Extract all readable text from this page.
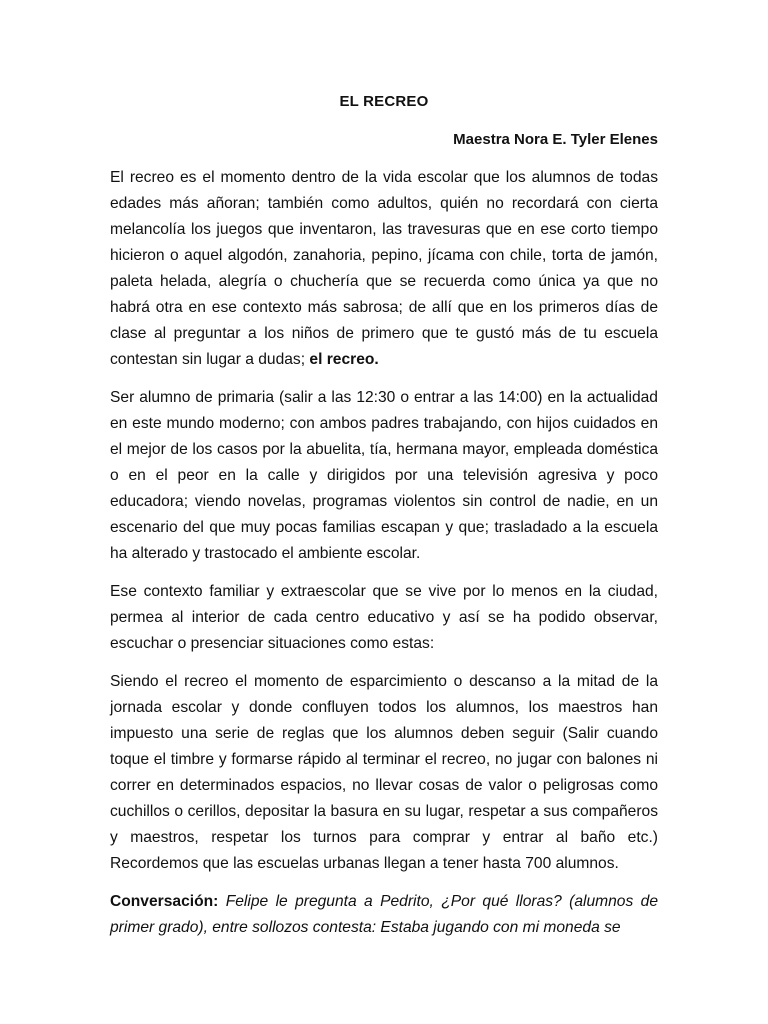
EL RECREO
Maestra Nora E. Tyler Elenes

El recreo es el momento dentro de la vida escolar que los alumnos de todas edades más añoran; también como adultos, quién no recordará con cierta melancolía los juegos que inventaron, las travesuras que en ese corto tiempo hicieron o aquel algodón, zanahoria, pepino, jícama con chile, torta de jamón, paleta helada, alegría o chuchería que se recuerda como única ya que no habrá otra en ese contexto más sabrosa; de allí que en los primeros días de clase al preguntar a los niños de primero que te gustó más de tu escuela contestan sin lugar a dudas; el recreo.

Ser alumno de primaria (salir a las 12:30 o entrar a las 14:00) en la actualidad en este mundo moderno; con ambos padres trabajando, con hijos cuidados en el mejor de los casos por la abuelita, tía, hermana mayor, empleada doméstica o en el peor en la calle y dirigidos por una televisión agresiva y poco educadora; viendo novelas, programas violentos sin control de nadie, en un escenario del que muy pocas familias escapan y que; trasladado a la escuela ha alterado y trastocado el ambiente escolar.

Ese contexto familiar y extraescolar que se vive por lo menos en la ciudad, permea al interior de cada centro educativo y así se ha podido observar, escuchar o presenciar situaciones como estas:

Siendo el recreo el momento de esparcimiento o descanso a la mitad de la jornada escolar y donde confluyen todos los alumnos, los maestros han impuesto una serie de reglas que los alumnos deben seguir (Salir cuando toque el timbre y formarse rápido al terminar el recreo, no jugar con balones ni correr en determinados espacios, no llevar cosas de valor o peligrosas como cuchillos o cerillos, depositar la basura en su lugar, respetar a sus compañeros y maestros, respetar los turnos para comprar y entrar al baño etc.) Recordemos que las escuelas urbanas llegan a tener hasta 700 alumnos.

Conversación: Felipe le pregunta a Pedrito, ¿Por qué lloras? (alumnos de primer grado), entre sollozos contesta: Estaba jugando con mi moneda se
